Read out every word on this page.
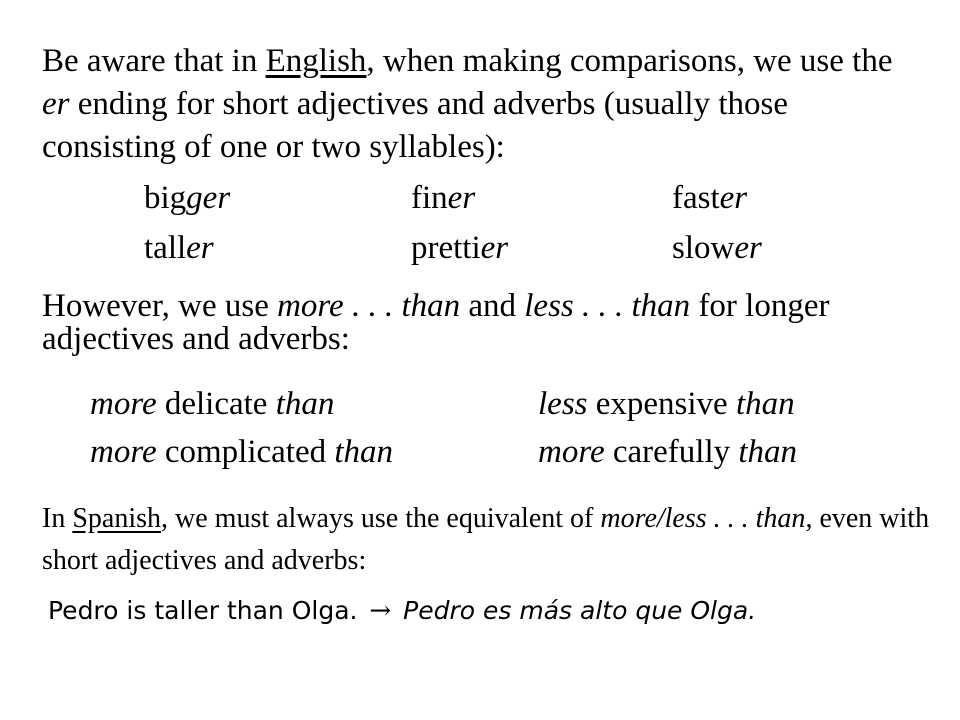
Be aware that in English, when making comparisons, we use the er ending for short adjectives and adverbs (usually those consisting of one or two syllables):
bigger	finer	faster
taller	prettier	slower
However, we use more . . . than and less . . . than for longer adjectives and adverbs:
more delicate than	less expensive than
more complicated than	more carefully than
In Spanish, we must always use the equivalent of more/less . . . than, even with short adjectives and adverbs:
Pedro is taller than Olga. → Pedro es más alto que Olga.
